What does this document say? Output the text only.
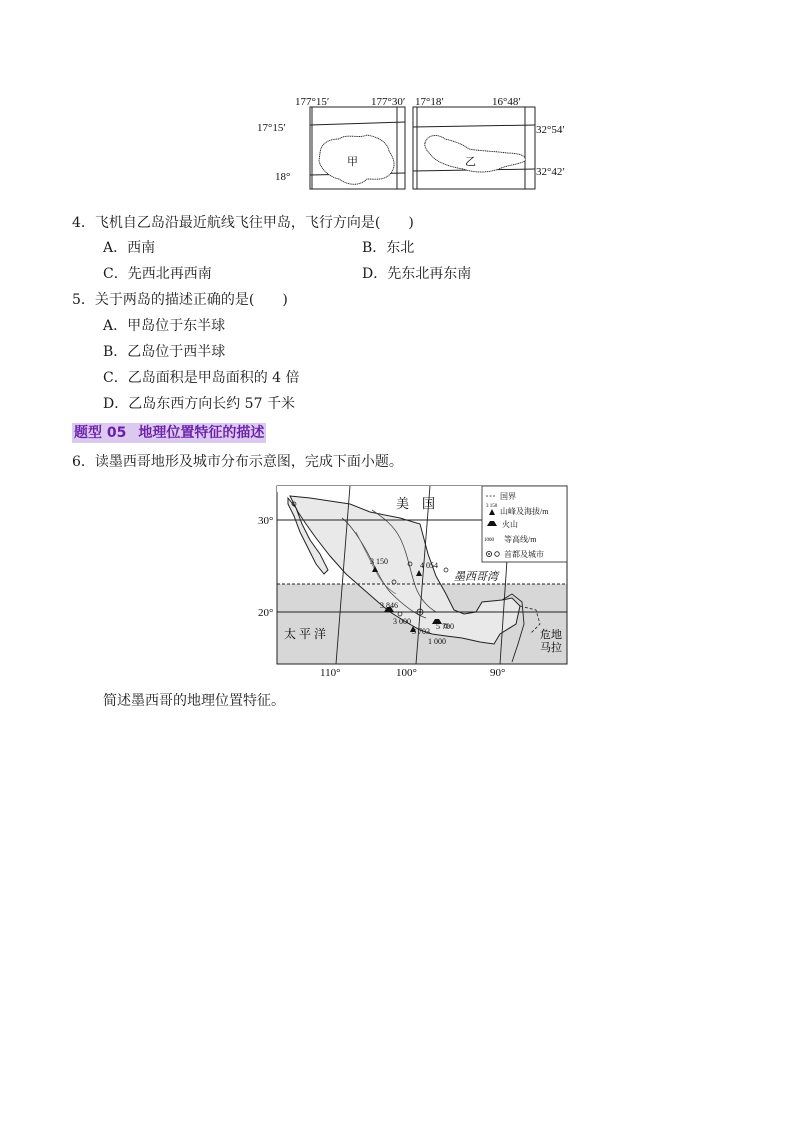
177°15′	177°30′
17°15′
18°
甲
17°18′	16°48′
32°54′
32°42′
乙
4．飞机自乙岛沿最近航线飞往甲岛，飞行方向是(　　)
A．西南	B．东北
C．先西北再西南	D．先东北再东南
5．关于两岛的描述正确的是(　　)
A．甲岛位于东半球
B．乙岛位于西半球
C．乙岛面积是甲岛面积的 4 倍
D．乙岛东西方向长约 57 千米
题型 05 地理位置特征的描述
6．读墨西哥地形及城市分布示意图，完成下面小题。
国界
3 150
山峰及海拔/m
火山
1000 等高线/m
首都及城市
美　国
墨西哥湾
太 平 洋	危地
马拉
30°
20°
110°	100°	90°
3 150	4 054
3 846
3 000
3 703
5 700
1 000
简述墨西哥的地理位置特征。
